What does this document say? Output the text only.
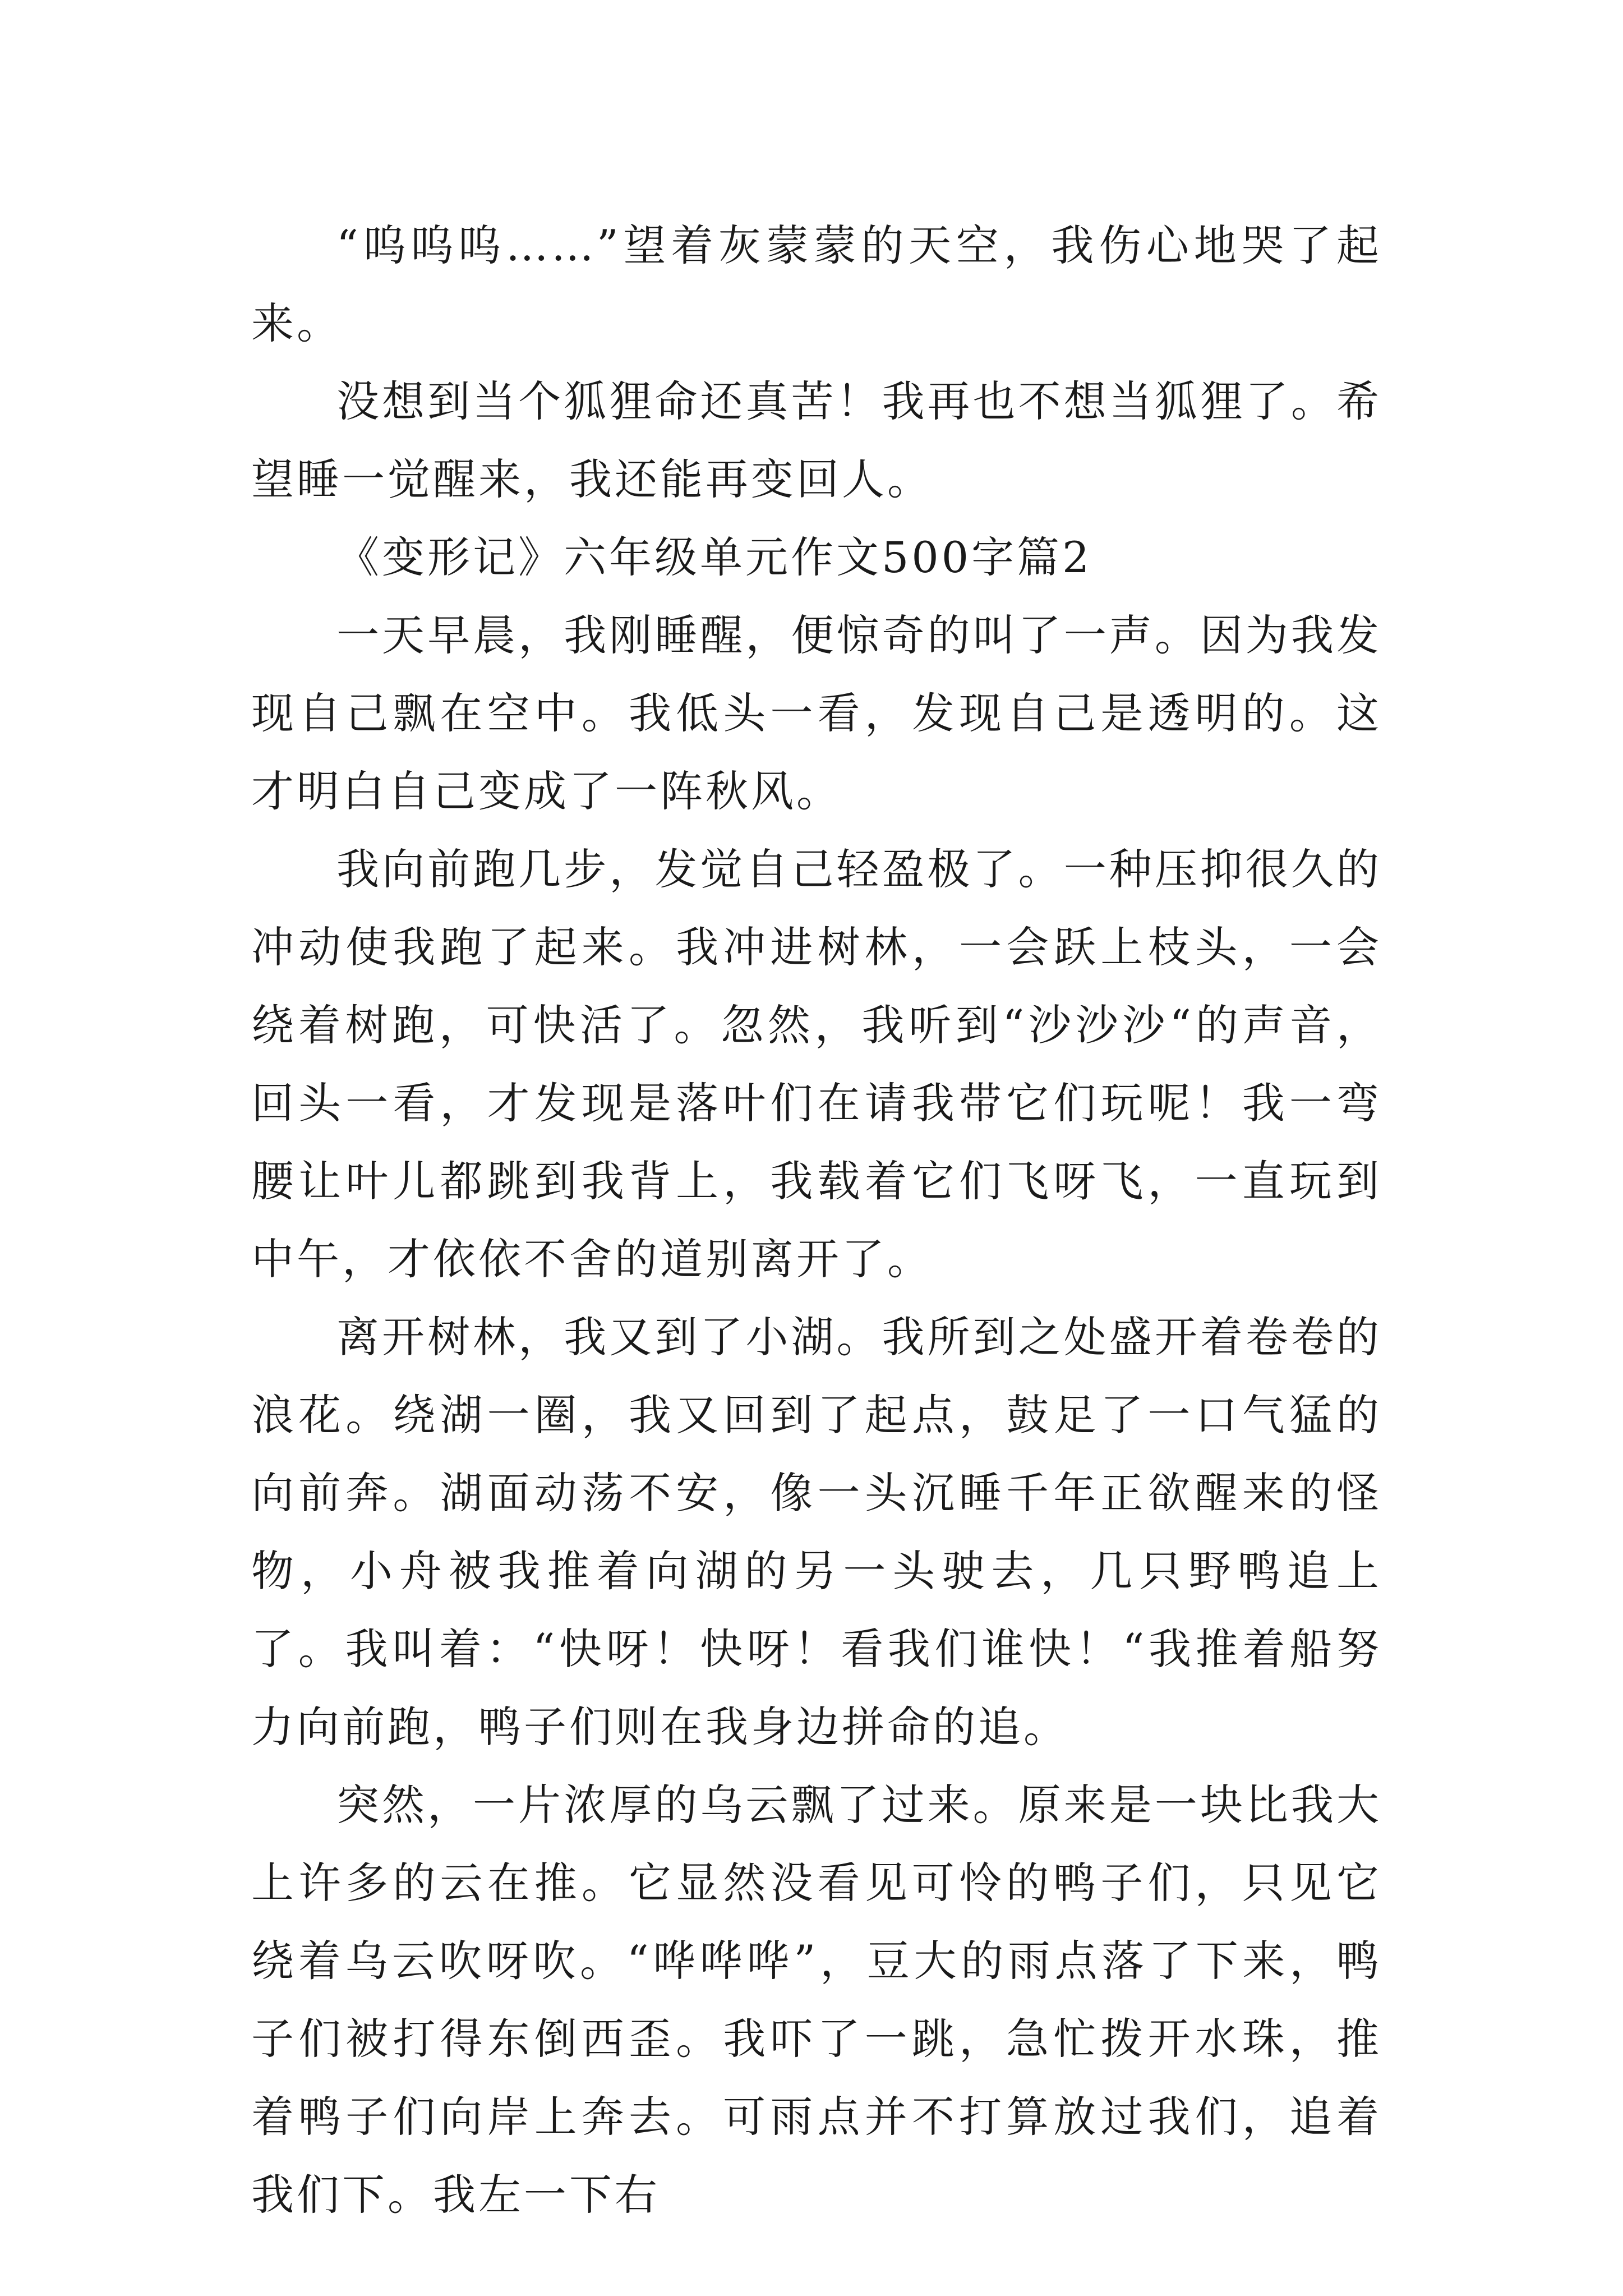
“呜呜呜……”望着灰蒙蒙的天空，我伤心地哭了起来。

没想到当个狐狸命还真苦！我再也不想当狐狸了。希望睡一觉醒来，我还能再变回人。

《变形记》六年级单元作文500字篇2

一天早晨，我刚睡醒，便惊奇的叫了一声。因为我发现自己飘在空中。我低头一看，发现自己是透明的。这才明白自己变成了一阵秋风。

我向前跑几步，发觉自己轻盈极了。一种压抑很久的冲动使我跑了起来。我冲进树林，一会跃上枝头，一会绕着树跑，可快活了。忽然，我听到“沙沙沙“的声音，回头一看，才发现是落叶们在请我带它们玩呢！我一弯腰让叶儿都跳到我背上，我载着它们飞呀飞，一直玩到中午，才依依不舍的道别离开了。

离开树林，我又到了小湖。我所到之处盛开着卷卷的浪花。绕湖一圈，我又回到了起点，鼓足了一口气猛的向前奔。湖面动荡不安，像一头沉睡千年正欲醒来的怪物，小舟被我推着向湖的另一头驶去，几只野鸭追上了。我叫着：“快呀！快呀！看我们谁快！“我推着船努力向前跑，鸭子们则在我身边拼命的追。

突然，一片浓厚的乌云飘了过来。原来是一块比我大上许多的云在推。它显然没看见可怜的鸭子们，只见它绕着乌云吹呀吹。“哗哗哗”，豆大的雨点落了下来，鸭子们被打得东倒西歪。我吓了一跳，急忙拨开水珠，推着鸭子们向岸上奔去。可雨点并不打算放过我们，追着我们下。我左一下右
